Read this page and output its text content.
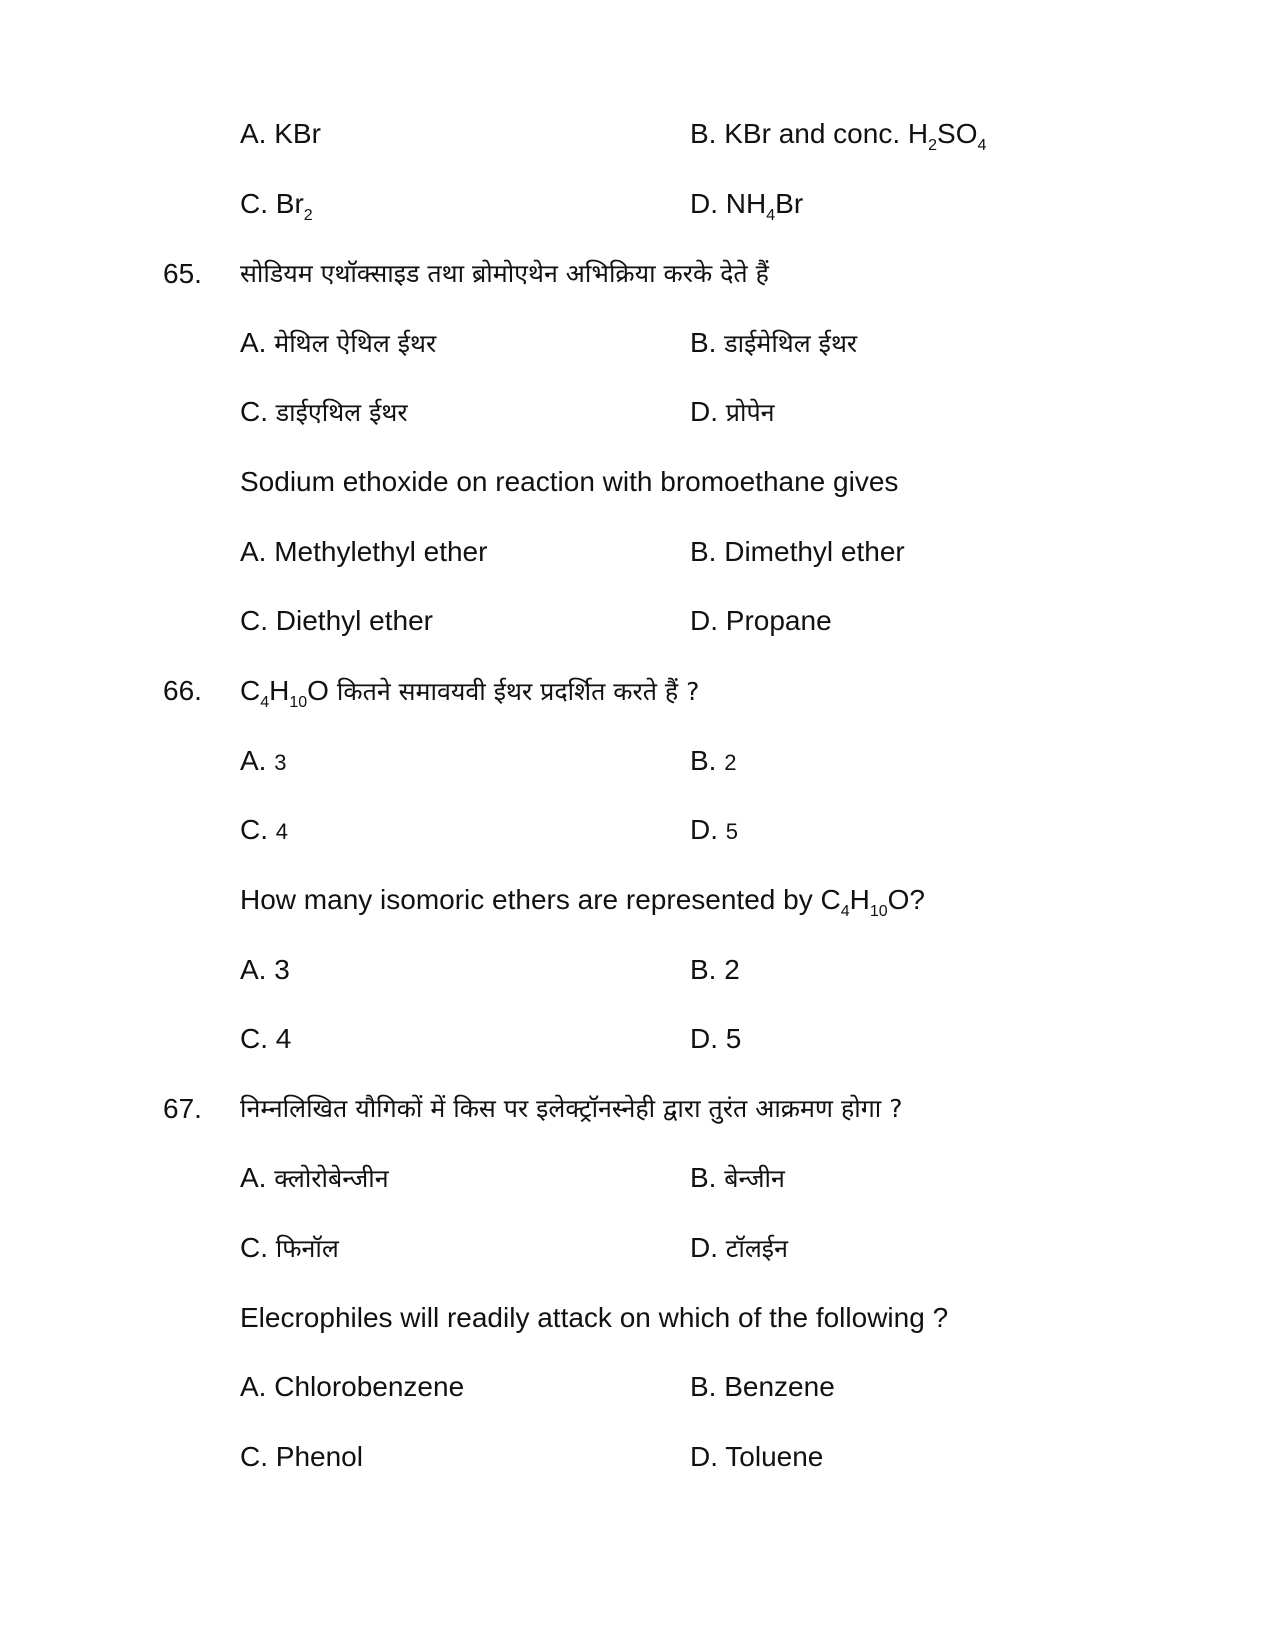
A. KBr	B. KBr and conc. $H_2SO_4$
C. $Br_2$	D. $NH_4Br$
65. सोडियम एथॉक्साइड तथा ब्रोमोएथेन अभिक्रिया करके देते हैं
A. मेथिल ऐथिल ईथर	B. डाईमेथिल ईथर
C. डाईएथिल ईथर	D. प्रोपेन
Sodium ethoxide on reaction with bromoethane gives
A. Methylethyl ether	B. Dimethyl ether
C. Diethyl ether	D. Propane
66. $C_4H_{10}O$ कितने समावयवी ईथर प्रदर्शित करते हैं ?
A. 3	B. 2
C. 4	D. 5
How many isomoric ethers are represented by $C_4H_{10}O$?
A. 3	B. 2
C. 4	D. 5
67. निम्नलिखित यौगिकों में किस पर इलेक्ट्रॉनस्नेही द्वारा तुरंत आक्रमण होगा ?
A. क्लोरोबेन्जीन	B. बेन्जीन
C. फिनॉल	D. टॉलईन
Elecrophiles will readily attack on which of the following ?
A. Chlorobenzene	B. Benzene
C. Phenol	D. Toluene
